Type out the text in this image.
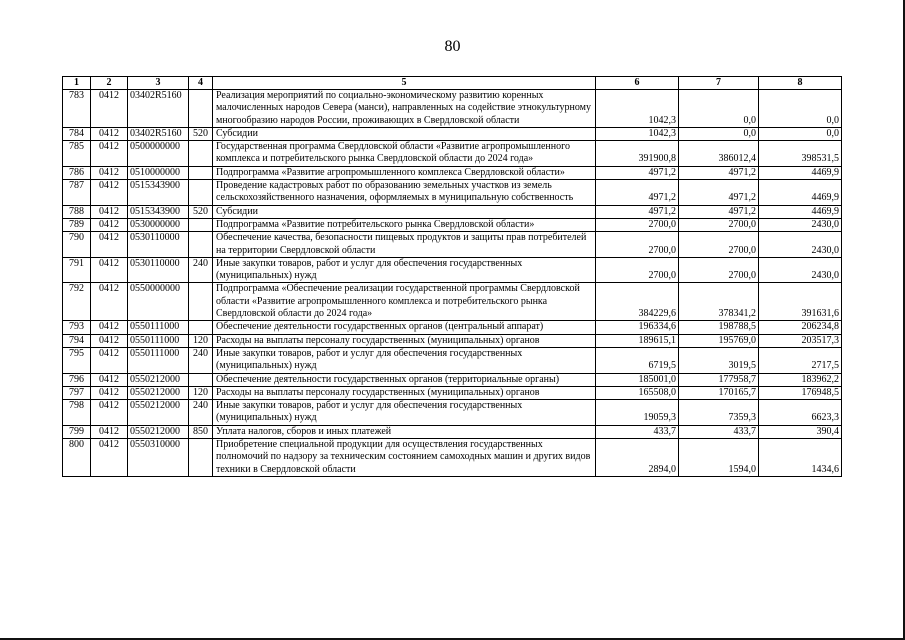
80
1	2	3	4	5	6	7	8
783	0412	03402R5160		Реализация мероприятий по социально-экономическому развитию коренных малочисленных народов Севера (манси), направленных на содействие этнокультурному многообразию народов России, проживающих в Свердловской области	1042,3	0,0	0,0
784	0412	03402R5160	520	Субсидии	1042,3	0,0	0,0
785	0412	0500000000		Государственная программа Свердловской области «Развитие агропромышленного комплекса и потребительского рынка Свердловской области до 2024 года»	391900,8	386012,4	398531,5
786	0412	0510000000		Подпрограмма «Развитие агропромышленного комплекса Свердловской области»	4971,2	4971,2	4469,9
787	0412	0515343900		Проведение кадастровых работ по образованию земельных участков из земель сельскохозяйственного назначения, оформляемых в муниципальную собственность	4971,2	4971,2	4469,9
788	0412	0515343900	520	Субсидии	4971,2	4971,2	4469,9
789	0412	0530000000		Подпрограмма «Развитие потребительского рынка Свердловской области»	2700,0	2700,0	2430,0
790	0412	0530110000		Обеспечение качества, безопасности пищевых продуктов и защиты прав потребителей на территории Свердловской области	2700,0	2700,0	2430,0
791	0412	0530110000	240	Иные закупки товаров, работ и услуг для обеспечения государственных (муниципальных) нужд	2700,0	2700,0	2430,0
792	0412	0550000000		Подпрограмма «Обеспечение реализации государственной программы Свердловской области «Развитие агропромышленного комплекса и потребительского рынка Свердловской области до 2024 года»	384229,6	378341,2	391631,6
793	0412	0550111000		Обеспечение деятельности государственных органов (центральный аппарат)	196334,6	198788,5	206234,8
794	0412	0550111000	120	Расходы на выплаты персоналу государственных (муниципальных) органов	189615,1	195769,0	203517,3
795	0412	0550111000	240	Иные закупки товаров, работ и услуг для обеспечения государственных (муниципальных) нужд	6719,5	3019,5	2717,5
796	0412	0550212000		Обеспечение деятельности государственных органов (территориальные органы)	185001,0	177958,7	183962,2
797	0412	0550212000	120	Расходы на выплаты персоналу государственных (муниципальных) органов	165508,0	170165,7	176948,5
798	0412	0550212000	240	Иные закупки товаров, работ и услуг для обеспечения государственных (муниципальных) нужд	19059,3	7359,3	6623,3
799	0412	0550212000	850	Уплата налогов, сборов и иных платежей	433,7	433,7	390,4
800	0412	0550310000		Приобретение специальной продукции для осуществления государственных полномочий по надзору за техническим состоянием самоходных машин и других видов техники в Свердловской области	2894,0	1594,0	1434,6
